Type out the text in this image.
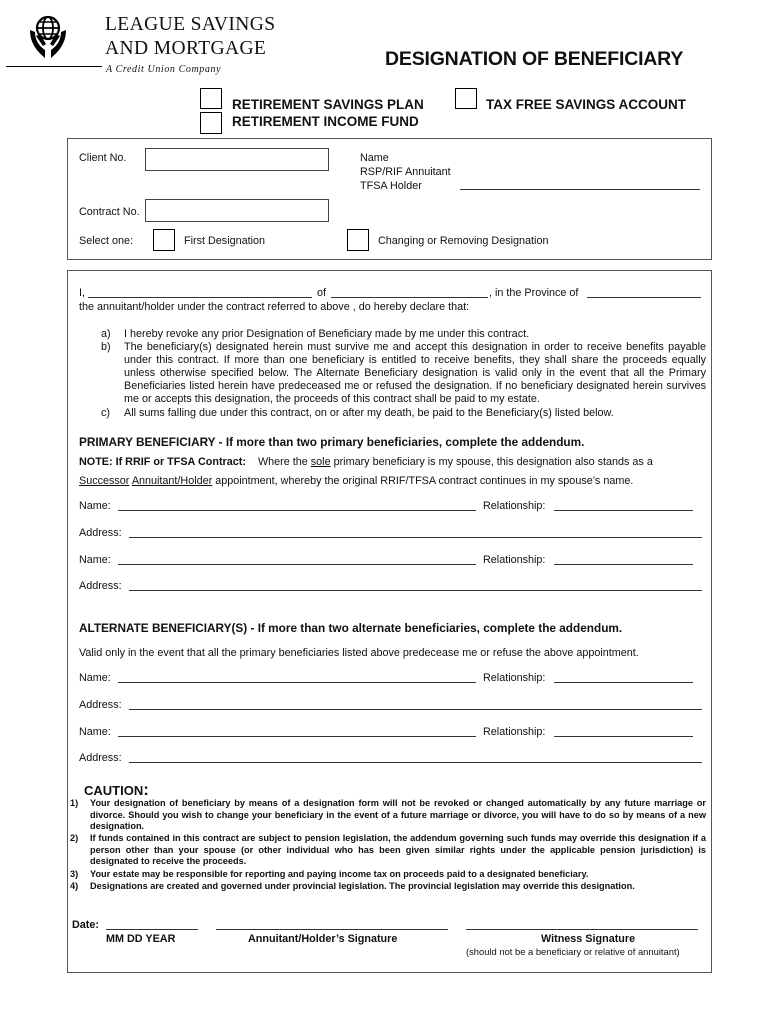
LEAGUE SAVINGS
AND MORTGAGE
A Credit Union Company	DESIGNATION OF BENEFICIARY
RETIREMENT SAVINGS PLAN
RETIREMENT INCOME FUND
TAX FREE SAVINGS ACCOUNT
Client No.	Name
RSP/RIF Annuitant
TFSA Holder
Contract No.
Select one:	First Designation	Changing or Removing Designation
I,	of	, in the Province of
the annuitant/holder under the contract referred to above , do hereby declare that:
a) I hereby revoke any prior Designation of Beneficiary made by me under this contract.
b) The beneficiary(s) designated herein must survive me and accept this designation in order to receive benefits payable under this contract. If more than one beneficiary is entitled to receive benefits, they shall share the proceeds equally unless otherwise specified below. The Alternate Beneficiary designation is valid only in the event that all the Primary Beneficiaries listed herein have predeceased me or refused the designation. If no beneficiary designated herein survives me or accepts this designation, the proceeds of this contract shall be paid to my estate.
c) All sums falling due under this contract, on or after my death, be paid to the Beneficiary(s) listed below.
PRIMARY BENEFICIARY - If more than two primary beneficiaries, complete the addendum.
NOTE: If RRIF or TFSA Contract: Where the sole primary beneficiary is my spouse, this designation also stands as a
Successor Annuitant/Holder appointment, whereby the original RRIF/TFSA contract continues in my spouse’s name.
Name:	Relationship:
Address:
Name:	Relationship:
Address:
ALTERNATE BENEFICIARY(S) - If more than two alternate beneficiaries, complete the addendum.
Valid only in the event that all the primary beneficiaries listed above predecease me or refuse the above appointment.
Name:	Relationship:
Address:
Name:	Relationship:
Address:
CAUTION:
1) Your designation of beneficiary by means of a designation form will not be revoked or changed automatically by any future marriage or divorce. Should you wish to change your beneficiary in the event of a future marriage or divorce, you will have to do so by means of a new designation.
2) If funds contained in this contract are subject to pension legislation, the addendum governing such funds may override this designation if a person other than your spouse (or other individual who has been given similar rights under the applicable pension jurisdiction) is designated to receive the proceeds.
3) Your estate may be responsible for reporting and paying income tax on proceeds paid to a designated beneficiary.
4) Designations are created and governed under provincial legislation. The provincial legislation may override this designation.
Date:
MM DD YEAR	Annuitant/Holder’s Signature	Witness Signature
(should not be a beneficiary or relative of annuitant)
